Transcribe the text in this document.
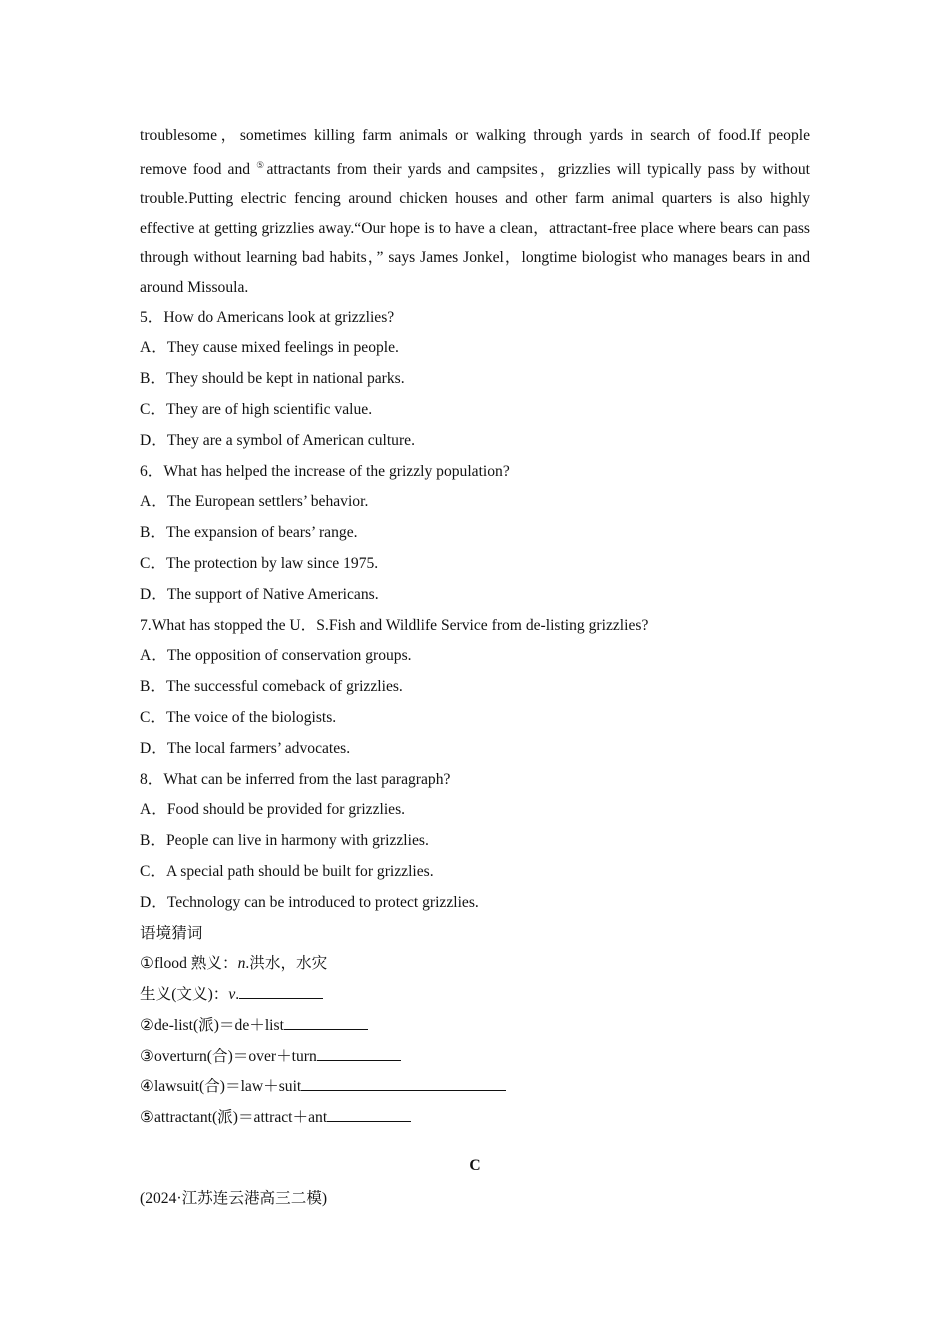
troublesome，sometimes killing farm animals or walking through yards in search of food.If people remove food and ⑤attractants from their yards and campsites，grizzlies will typically pass by without trouble.Putting electric fencing around chicken houses and other farm animal quarters is also highly effective at getting grizzlies away.“Our hope is to have a clean，attractant-free place where bears can pass through without learning bad habits，” says James Jonkel，longtime biologist who manages bears in and around Missoula.

5．How do Americans look at grizzlies?

A．They cause mixed feelings in people.

B．They should be kept in national parks.

C．They are of high scientific value.

D．They are a symbol of American culture.

6．What has helped the increase of the grizzly population?

A．The European settlers’ behavior.

B．The expansion of bears’ range.

C．The protection by law since 1975.

D．The support of Native Americans.

7.What has stopped the U．S.Fish and Wildlife Service from de-listing grizzlies?

A．The opposition of conservation groups.

B．The successful comeback of grizzlies.

C．The voice of the biologists.

D．The local farmers’ advocates.

8．What can be inferred from the last paragraph?

A．Food should be provided for grizzlies.

B．People can live in harmony with grizzlies.

C．A special path should be built for grizzlies.

D．Technology can be introduced to protect grizzlies.

语境猜词

①flood 熟义：n.洪水，水灾

生义(文义)：v.

②de-list(派)＝de＋list

③overturn(合)＝over＋turn

④lawsuit(合)＝law＋suit

⑤attractant(派)＝attract＋ant

C
(2024·江苏连云港高三二模)
